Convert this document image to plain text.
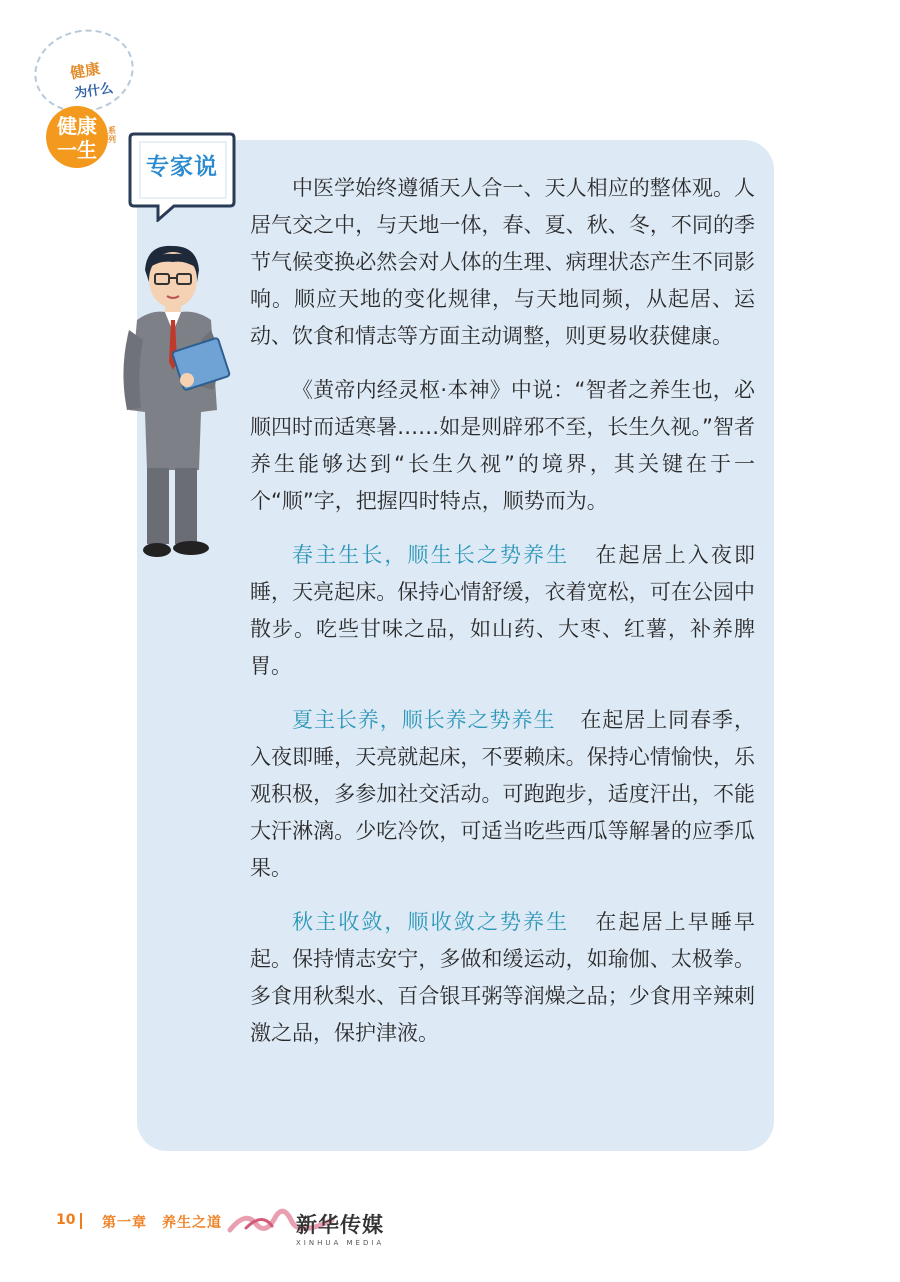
健康
为什么
健康
一生
系列
专家说

中医学始终遵循天人合一、天人相应的整体观。人居气交之中，与天地一体，春、夏、秋、冬，不同的季节气候变换必然会对人体的生理、病理状态产生不同影响。顺应天地的变化规律，与天地同频，从起居、运动、饮食和情志等方面主动调整，则更易收获健康。

《黄帝内经灵枢·本神》中说：“智者之养生也，必顺四时而适寒暑……如是则辟邪不至，长生久视。”智者养生能够达到“长生久视”的境界，其关键在于一个“顺”字，把握四时特点，顺势而为。

春主生长，顺生长之势养生 在起居上入夜即睡，天亮起床。保持心情舒缓，衣着宽松，可在公园中散步。吃些甘味之品，如山药、大枣、红薯，补养脾胃。

夏主长养，顺长养之势养生 在起居上同春季，入夜即睡，天亮就起床，不要赖床。保持心情愉快，乐观积极，多参加社交活动。可跑跑步，适度汗出，不能大汗淋漓。少吃冷饮，可适当吃些西瓜等解暑的应季瓜果。

秋主收敛，顺收敛之势养生 在起居上早睡早起。保持情志安宁，多做和缓运动，如瑜伽、太极拳。多食用秋梨水、百合银耳粥等润燥之品；少食用辛辣刺激之品，保护津液。

10 第一章　养生之道	新华传媒
XINHUA MEDIA
